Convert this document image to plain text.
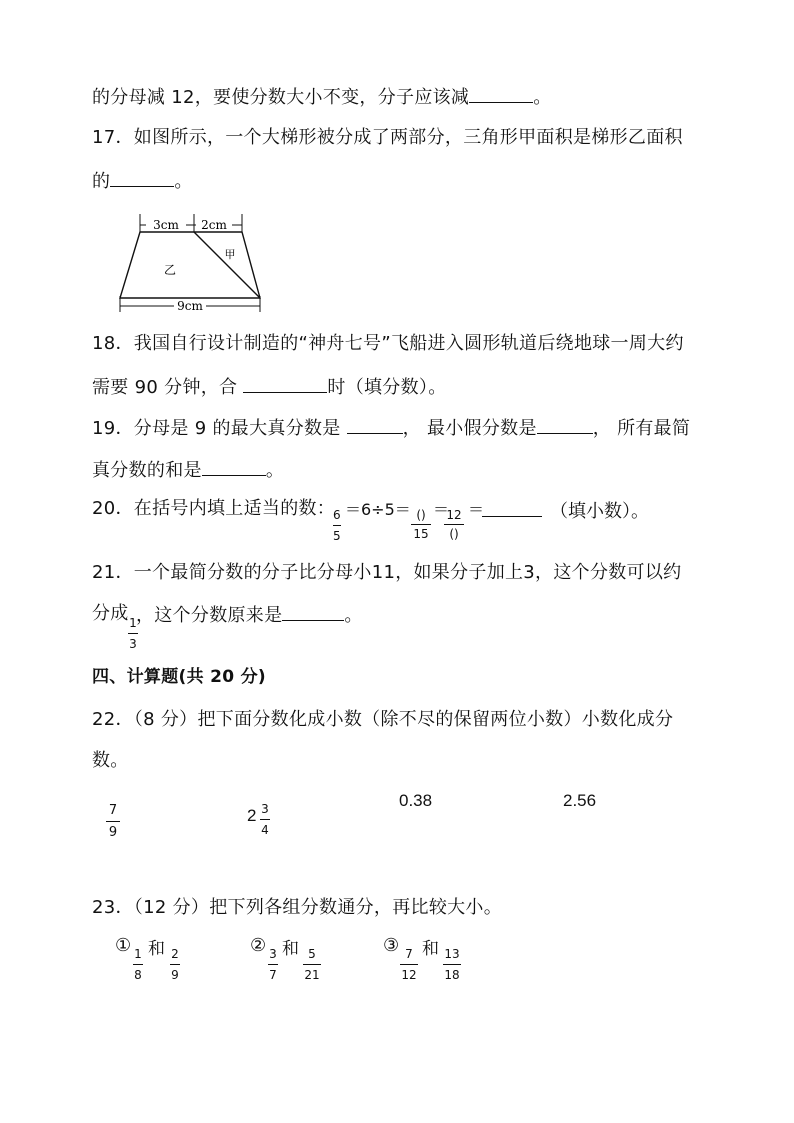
的分母减 12，要使分数大小不变，分子应该减	。
17．如图所示，一个大梯形被分成了两部分，三角形甲面积是梯形乙面积
的	。
3cm 2cm
乙
甲
9cm
18．我国自行设计制造的“神舟七号”飞船进入圆形轨道后绕地球一周大约
需要 90 分钟，合	时（填分数）。
19．分母是 9 的最大真分数是	， 最小假分数是	， 所有最简
真分数的和是	。
20．在括号内填上适当的数：
6
5
＝6÷5＝ ()
15
＝
12
()
＝	（填小数）。
21．一个最简分数的分子比分母小11，如果分子加上3，这个分数可以约
分成 1
3
，这个分数原来是	。
四、计算题(共 20 分)
22．（8 分）把下面分数化成小数（除不尽的保留两位小数）小数化成分
数。
7
9
2 3
4
0.38	2.56
23．（12 分）把下列各组分数通分，再比较大小。
① 1
8
和 2
9
② 3
7
和 5
21
③ 7
12
和 13
18
